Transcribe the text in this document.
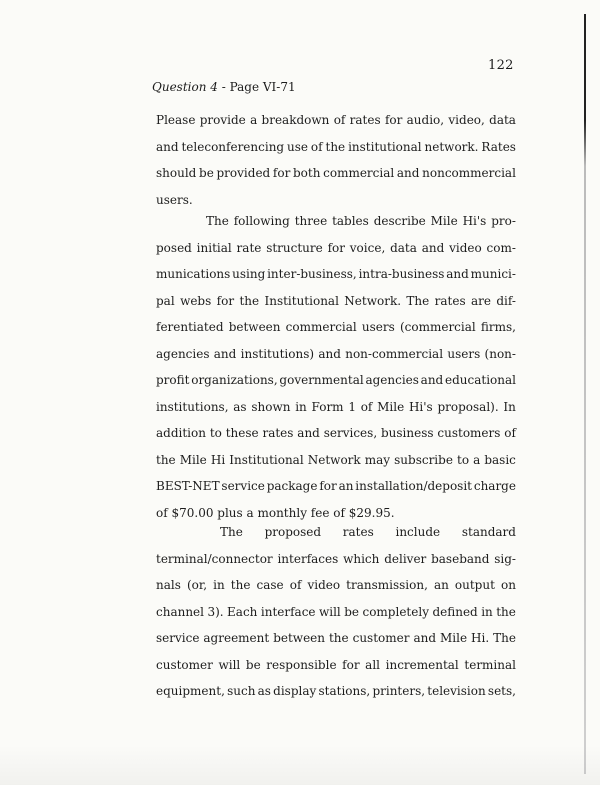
122
Question 4 - Page VI-71
Please provide a breakdown of rates for audio, video, data
and teleconferencing use of the institutional network. Rates
should be provided for both commercial and noncommercial
users.
The following three tables describe Mile Hi's pro-
posed initial rate structure for voice, data and video com-
munications using inter-business, intra-business and munici-
pal webs for the Institutional Network. The rates are dif-
ferentiated between commercial users (commercial firms,
agencies and institutions) and non-commercial users (non-
profit organizations, governmental agencies and educational
institutions, as shown in Form 1 of Mile Hi's proposal). In
addition to these rates and services, business customers of
the Mile Hi Institutional Network may subscribe to a basic
BEST-NET service package for an installation/deposit charge
of $70.00 plus a monthly fee of $29.95.
The proposed rates include standard
terminal/connector interfaces which deliver baseband sig-
nals (or, in the case of video transmission, an output on
channel 3). Each interface will be completely defined in the
service agreement between the customer and Mile Hi. The
customer will be responsible for all incremental terminal
equipment, such as display stations, printers, television sets,
